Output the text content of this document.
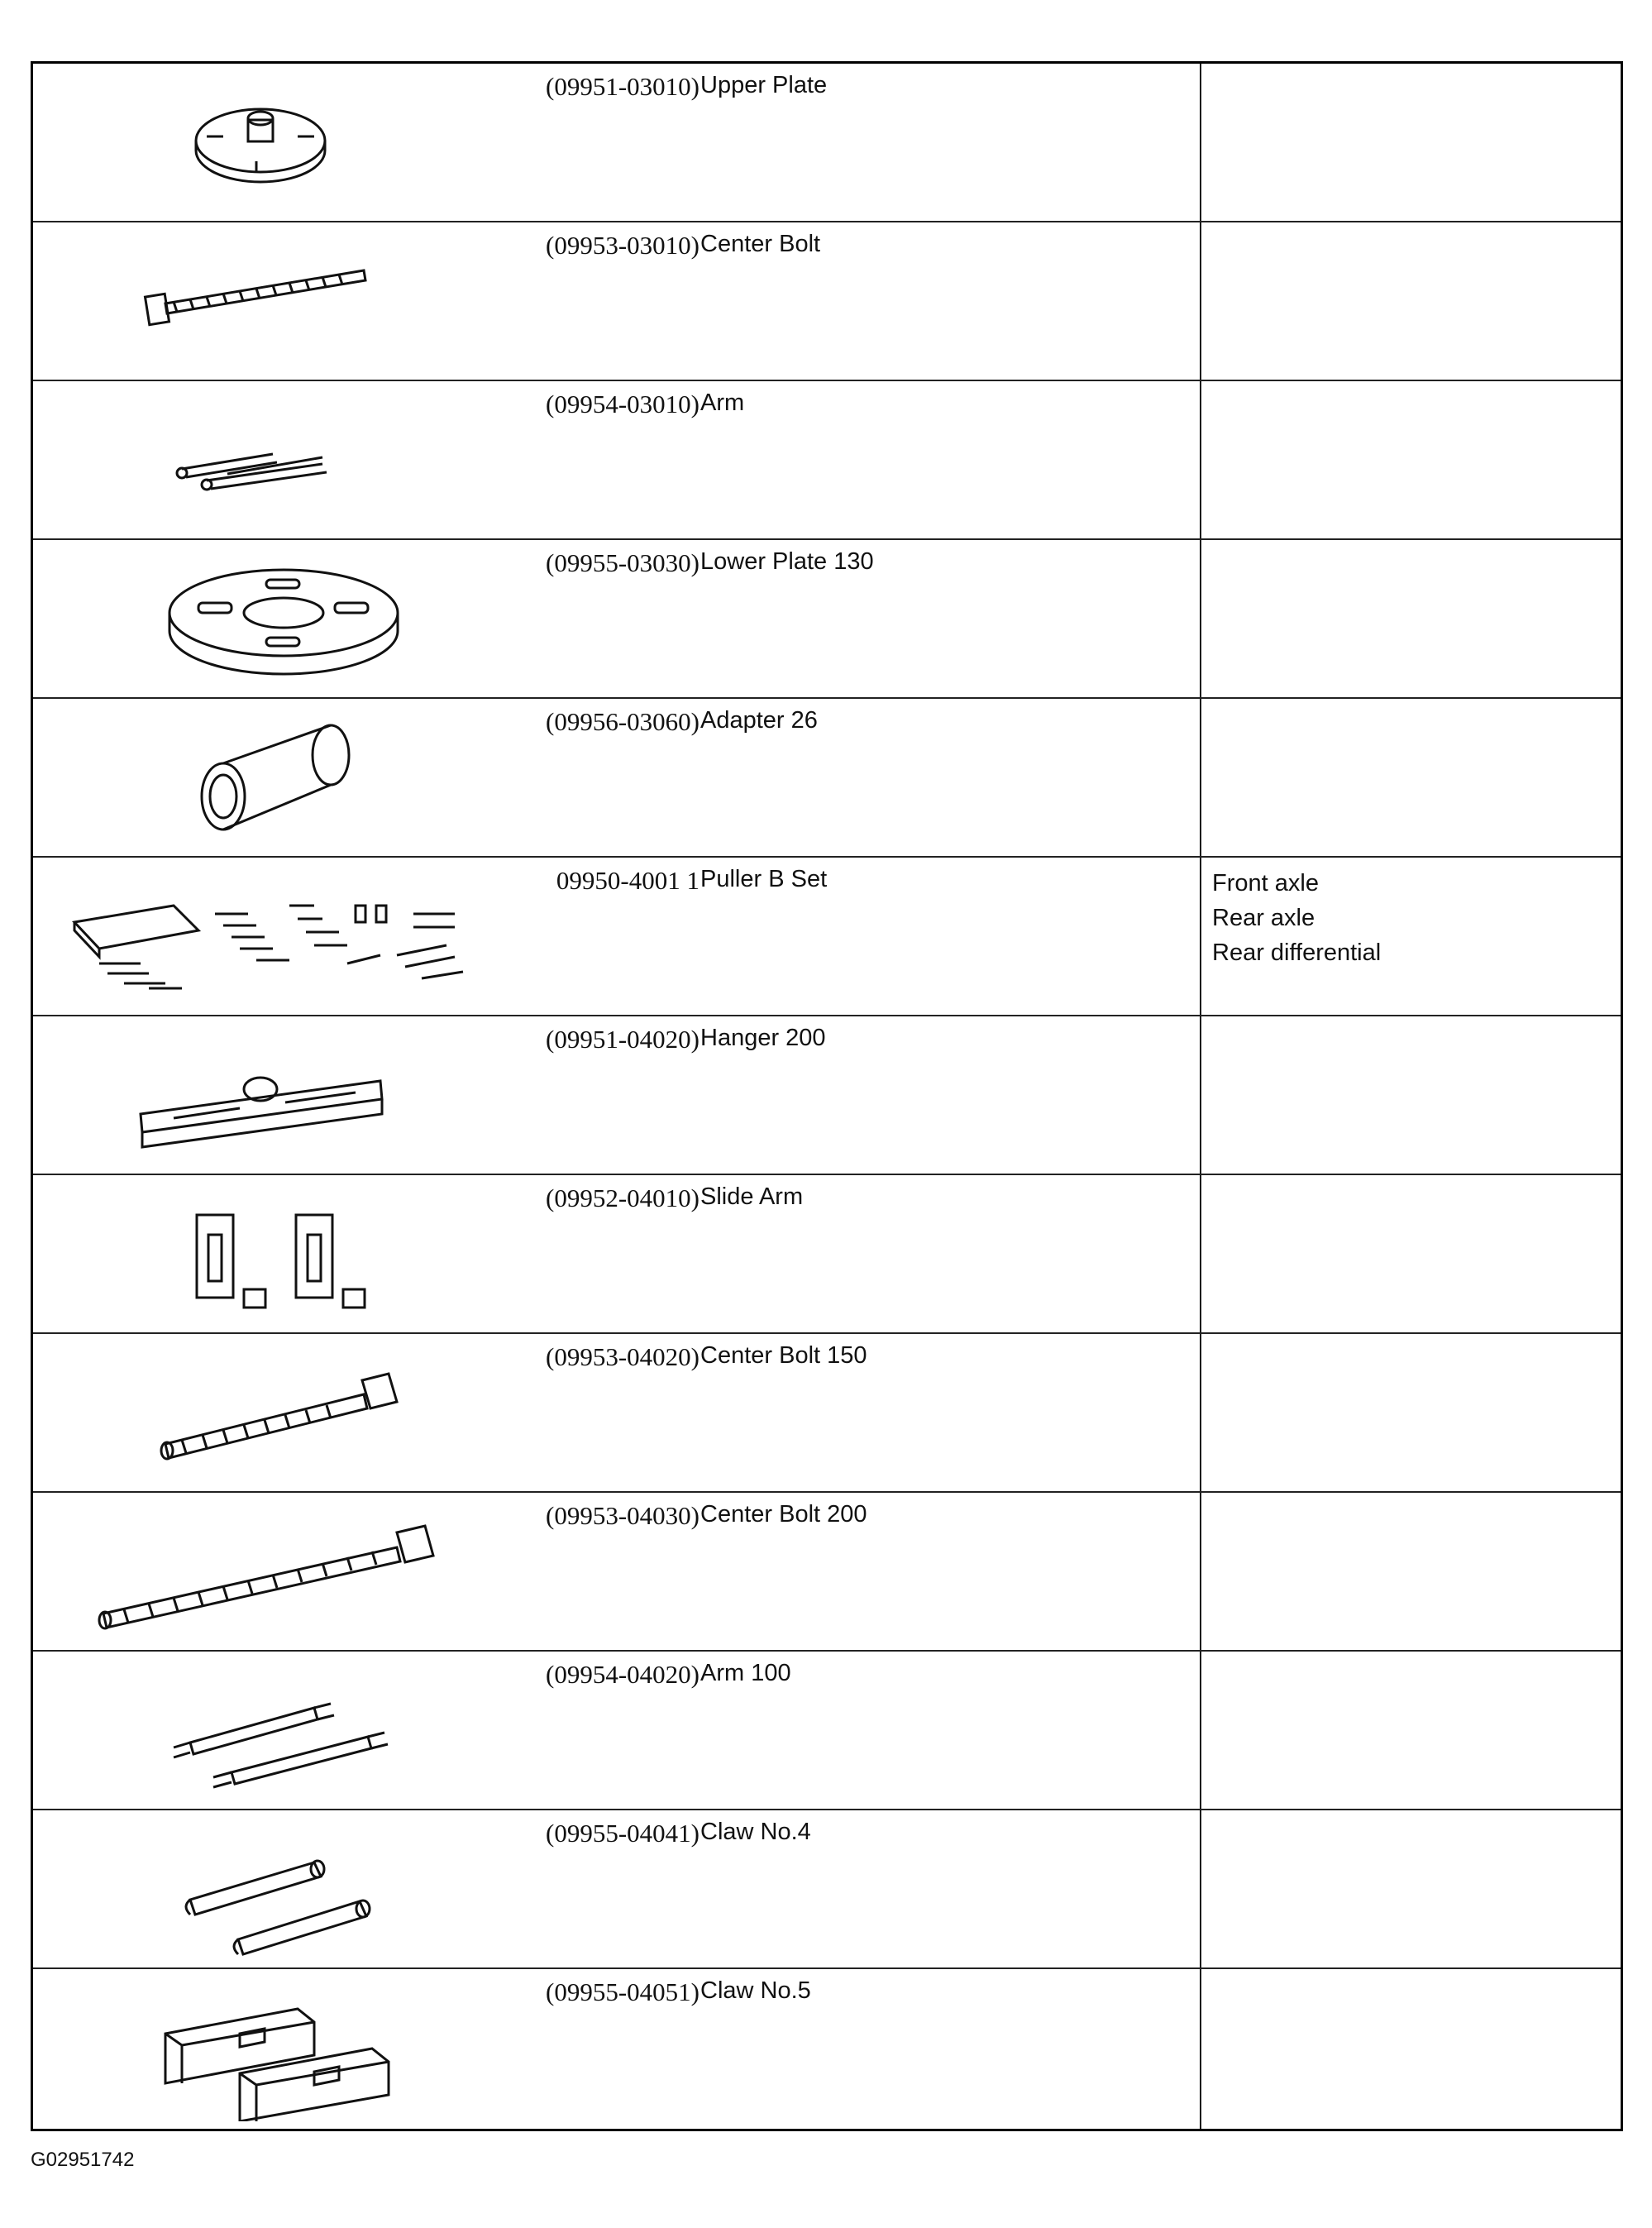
(09951-03010) Upper Plate
(09953-03010) Center Bolt
(09954-03010) Arm
(09955-03030) Lower Plate 130
(09956-03060) Adapter 26
09950-4001 1 Puller B Set	Front axle
Rear axle
Rear differential
(09951-04020) Hanger 200
(09952-04010) Slide Arm
(09953-04020) Center Bolt 150
(09953-04030) Center Bolt 200
(09954-04020) Arm 100
(09955-04041) Claw No.4
(09955-04051) Claw No.5
G02951742
